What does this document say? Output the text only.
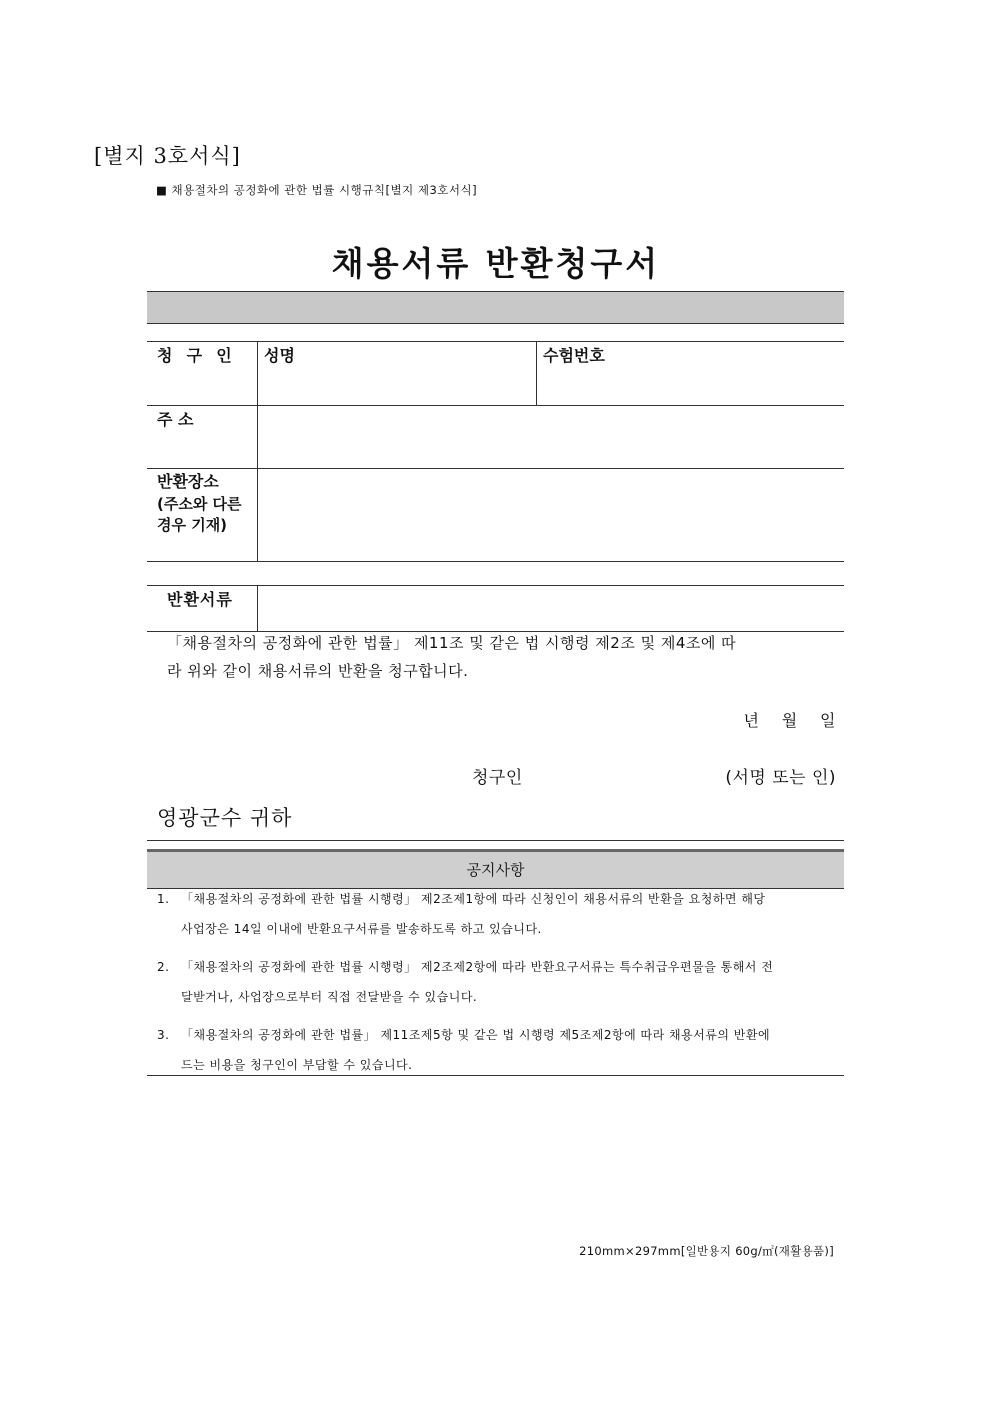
[별지 3호서식]
■ 채용절차의 공정화에 관한 법률 시행규칙[별지 제3호서식]
채용서류 반환청구서
청  구  인	성명	수험번호
주 소
반환장소
(주소와 다른
경우 기재)
반환서류
「채용절차의 공정화에 관한 법률」 제11조 및 같은 법 시행령 제2조 및 제4조에 따
라 위와 같이 채용서류의 반환을 청구합니다.
년    월    일
청구인	(서명 또는 인)
영광군수 귀하
공지사항
1. 「채용절차의 공정화에 관한 법률 시행령」 제2조제1항에 따라 신청인이 채용서류의 반환을 요청하면 해당
사업장은 14일 이내에 반환요구서류를 발송하도록 하고 있습니다.
2. 「채용절차의 공정화에 관한 법률 시행령」 제2조제2항에 따라 반환요구서류는 특수취급우편물을 통해서 전
달받거나, 사업장으로부터 직접 전달받을 수 있습니다.
3. 「채용절차의 공정화에 관한 법률」 제11조제5항 및 같은 법 시행령 제5조제2항에 따라 채용서류의 반환에
드는 비용을 청구인이 부담할 수 있습니다.
210mm×297mm[일반용지 60g/㎡(재활용품)]
